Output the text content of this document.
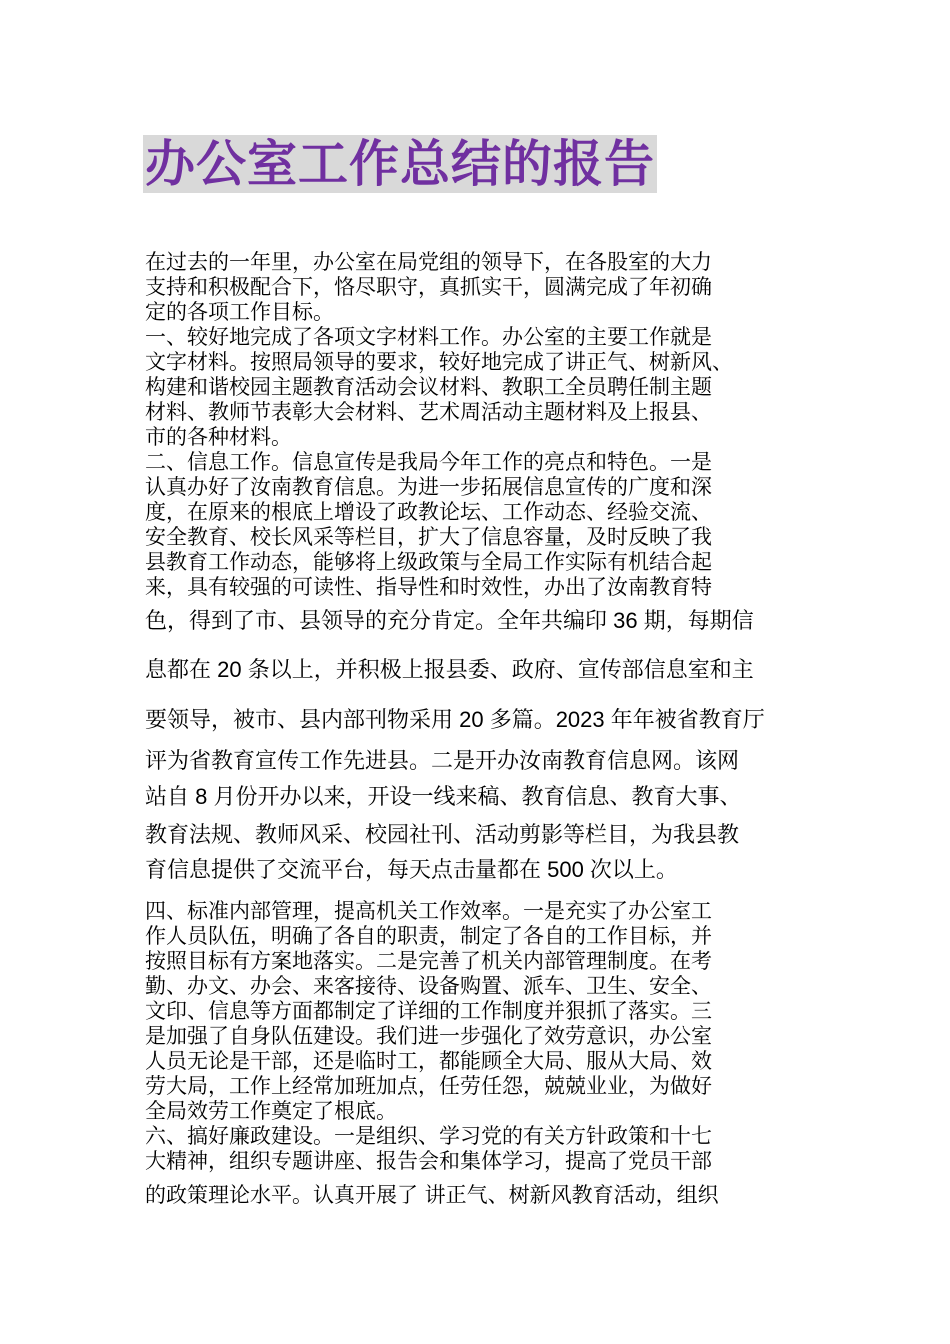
办公室工作总结的报告
在过去的一年里，办公室在局党组的领导下，在各股室的大力
支持和积极配合下，恪尽职守，真抓实干，圆满完成了年初确
定的各项工作目标。
一、较好地完成了各项文字材料工作。办公室的主要工作就是
文字材料。按照局领导的要求，较好地完成了讲正气、树新风、
构建和谐校园主题教育活动会议材料、教职工全员聘任制主题
材料、教师节表彰大会材料、艺术周活动主题材料及上报县、
市的各种材料。
二、信息工作。信息宣传是我局今年工作的亮点和特色。一是
认真办好了汝南教育信息。为进一步拓展信息宣传的广度和深
度，在原来的根底上增设了政教论坛、工作动态、经验交流、
安全教育、校长风采等栏目，扩大了信息容量，及时反映了我
县教育工作动态，能够将上级政策与全局工作实际有机结合起
来，具有较强的可读性、指导性和时效性，办出了汝南教育特
色，得到了市、县领导的充分肯定。全年共编印 36 期，每期信
息都在 20 条以上，并积极上报县委、政府、宣传部信息室和主
要领导，被市、县内部刊物采用 20 多篇。2023 年年被省教育厅
评为省教育宣传工作先进县。二是开办汝南教育信息网。该网
站自 8 月份开办以来，开设一线来稿、教育信息、教育大事、
教育法规、教师风采、校园社刊、活动剪影等栏目，为我县教
育信息提供了交流平台，每天点击量都在 500 次以上。
四、标准内部管理，提高机关工作效率。一是充实了办公室工
作人员队伍，明确了各自的职责，制定了各自的工作目标，并
按照目标有方案地落实。二是完善了机关内部管理制度。在考
勤、办文、办会、来客接待、设备购置、派车、卫生、安全、
文印、信息等方面都制定了详细的工作制度并狠抓了落实。三
是加强了自身队伍建设。我们进一步强化了效劳意识，办公室
人员无论是干部，还是临时工，都能顾全大局、服从大局、效
劳大局，工作上经常加班加点，任劳任怨，兢兢业业，为做好
全局效劳工作奠定了根底。
六、搞好廉政建设。一是组织、学习党的有关方针政策和十七
大精神，组织专题讲座、报告会和集体学习，提高了党员干部
的政策理论水平。认真开展了 讲正气、树新风教育活动，组织
